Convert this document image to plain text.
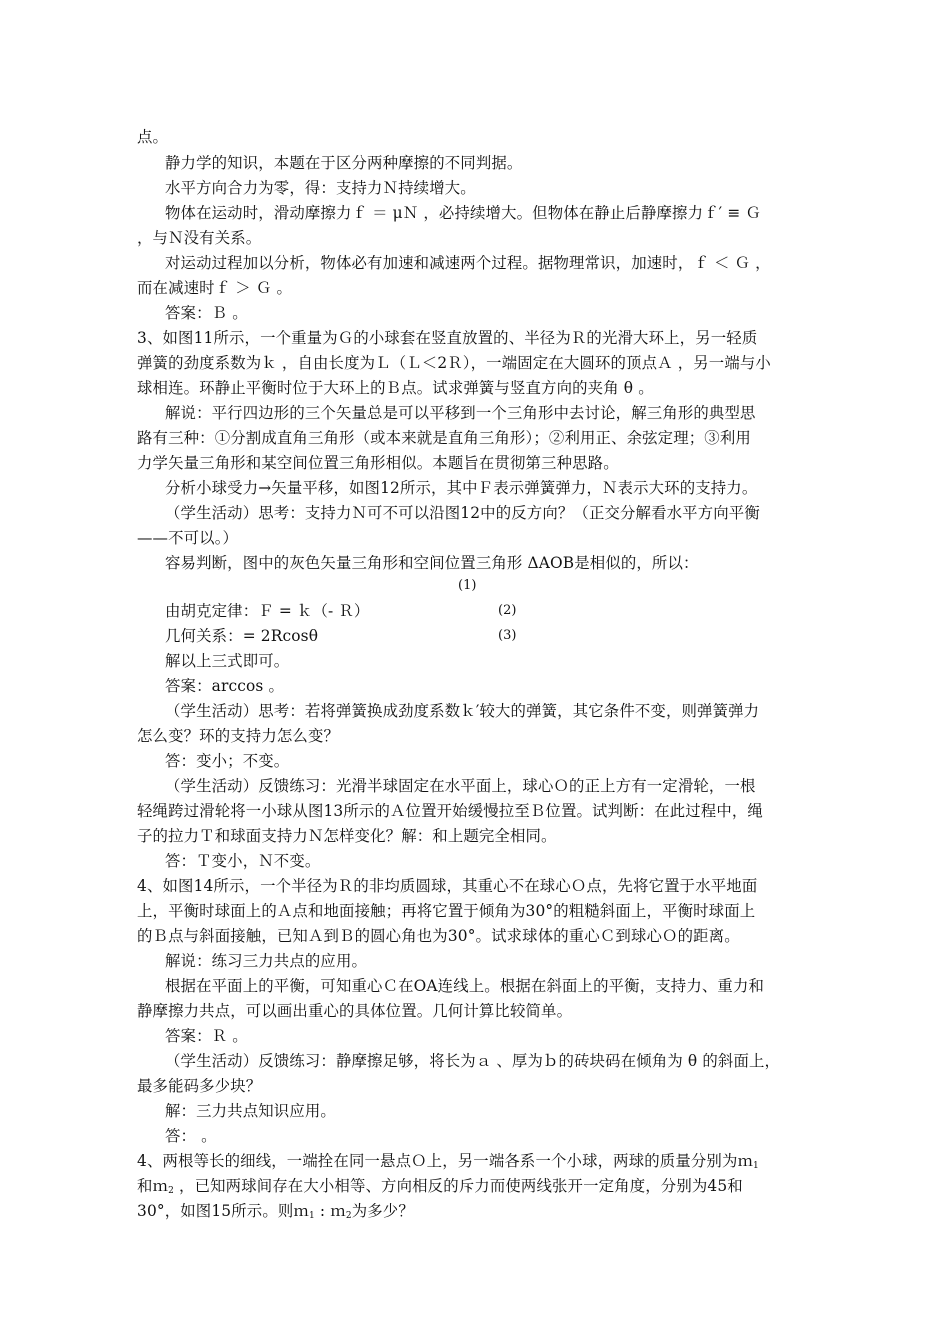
点。
静力学的知识，本题在于区分两种摩擦的不同判据。
水平方向合力为零，得：支持力Ｎ持续增大。
物体在运动时，滑动摩擦力ｆ ＝ μＮ ，必持续增大。但物体在静止后静摩擦力ｆ′ ≡ Ｇ
，与Ｎ没有关系。
对运动过程加以分析，物体必有加速和减速两个过程。据物理常识，加速时，ｆ ＜ Ｇ ，
而在减速时ｆ ＞ Ｇ 。
答案：Ｂ 。
3、如图11所示，一个重量为Ｇ的小球套在竖直放置的、半径为Ｒ的光滑大环上，另一轻质
弹簧的劲度系数为ｋ ，自由长度为Ｌ（Ｌ＜2Ｒ），一端固定在大圆环的顶点Ａ ，另一端与小
球相连。环静止平衡时位于大环上的Ｂ点。试求弹簧与竖直方向的夹角 θ 。
解说：平行四边形的三个矢量总是可以平移到一个三角形中去讨论，解三角形的典型思
路有三种：①分割成直角三角形（或本来就是直角三角形）；②利用正、余弦定理；③利用
力学矢量三角形和某空间位置三角形相似。本题旨在贯彻第三种思路。
分析小球受力→矢量平移，如图12所示，其中Ｆ表示弹簧弹力，Ｎ表示大环的支持力。
（学生活动）思考：支持力Ｎ可不可以沿图12中的反方向？（正交分解看水平方向平衡
——不可以。）
容易判断，图中的灰色矢量三角形和空间位置三角形 ΔAOB是相似的，所以：
(1)
由胡克定律：Ｆ = ｋ（- Ｒ）	(2)
几何关系：= 2Rcosθ	(3)
解以上三式即可。
答案：arccos 。
（学生活动）思考：若将弹簧换成劲度系数ｋ′较大的弹簧，其它条件不变，则弹簧弹力
怎么变？环的支持力怎么变？
答：变小；不变。
（学生活动）反馈练习：光滑半球固定在水平面上，球心Ｏ的正上方有一定滑轮，一根
轻绳跨过滑轮将一小球从图13所示的Ａ位置开始缓慢拉至Ｂ位置。试判断：在此过程中，绳
子的拉力Ｔ和球面支持力Ｎ怎样变化？解：和上题完全相同。
答：Ｔ变小，Ｎ不变。
4、如图14所示，一个半径为Ｒ的非均质圆球，其重心不在球心Ｏ点，先将它置于水平地面
上，平衡时球面上的Ａ点和地面接触；再将它置于倾角为30°的粗糙斜面上，平衡时球面上
的Ｂ点与斜面接触，已知Ａ到Ｂ的圆心角也为30°。试求球体的重心Ｃ到球心Ｏ的距离。
解说：练习三力共点的应用。
根据在平面上的平衡，可知重心Ｃ在OA连线上。根据在斜面上的平衡，支持力、重力和
静摩擦力共点，可以画出重心的具体位置。几何计算比较简单。
答案：Ｒ 。
（学生活动）反馈练习：静摩擦足够，将长为ａ 、厚为ｂ的砖块码在倾角为 θ 的斜面上，
最多能码多少块？
解：三力共点知识应用。
答： 。
4、两根等长的细线，一端拴在同一悬点Ｏ上，另一端各系一个小球，两球的质量分别为ｍ$_1$
和ｍ$_2$ ，已知两球间存在大小相等、方向相反的斥力而使两线张开一定角度，分别为45和
30°，如图15所示。则ｍ$_1$ : ｍ$_2$为多少？
